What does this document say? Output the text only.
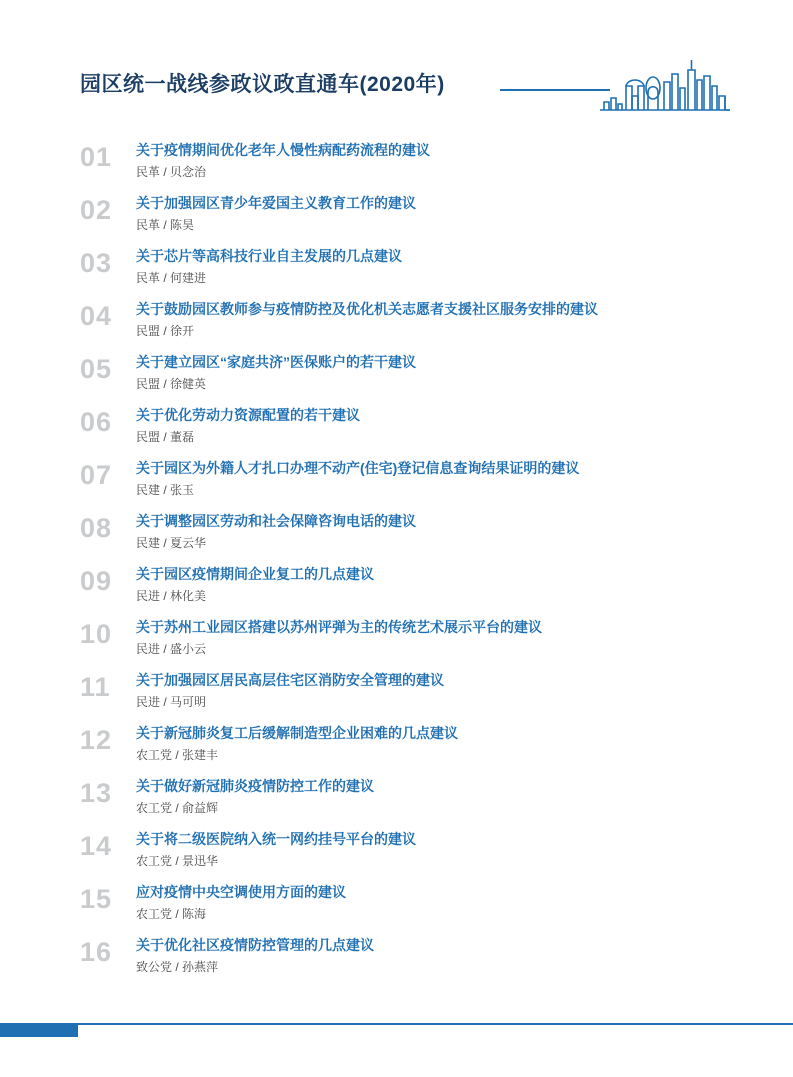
园区统一战线参政议政直通车(2020年)
01	关于疫情期间优化老年人慢性病配药流程的建议
民革 / 贝念治
02	关于加强园区青少年爱国主义教育工作的建议
民革 / 陈昊
03	关于芯片等高科技行业自主发展的几点建议
民革 / 何建进
04	关于鼓励园区教师参与疫情防控及优化机关志愿者支援社区服务安排的建议
民盟 / 徐开
05	关于建立园区“家庭共济”医保账户的若干建议
民盟 / 徐健英
06	关于优化劳动力资源配置的若干建议
民盟 / 董磊
07	关于园区为外籍人才扎口办理不动产(住宅)登记信息查询结果证明的建议
民建 / 张玉
08	关于调整园区劳动和社会保障咨询电话的建议
民建 / 夏云华
09	关于园区疫情期间企业复工的几点建议
民进 / 林化美
10	关于苏州工业园区搭建以苏州评弹为主的传统艺术展示平台的建议
民进 / 盛小云
11	关于加强园区居民高层住宅区消防安全管理的建议
民进 / 马可明
12	关于新冠肺炎复工后缓解制造型企业困难的几点建议
农工党 / 张建丰
13	关于做好新冠肺炎疫情防控工作的建议
农工党 / 俞益辉
14	关于将二级医院纳入统一网约挂号平台的建议
农工党 / 景迅华
15	应对疫情中央空调使用方面的建议
农工党 / 陈海
16	关于优化社区疫情防控管理的几点建议
致公党 / 孙燕萍
